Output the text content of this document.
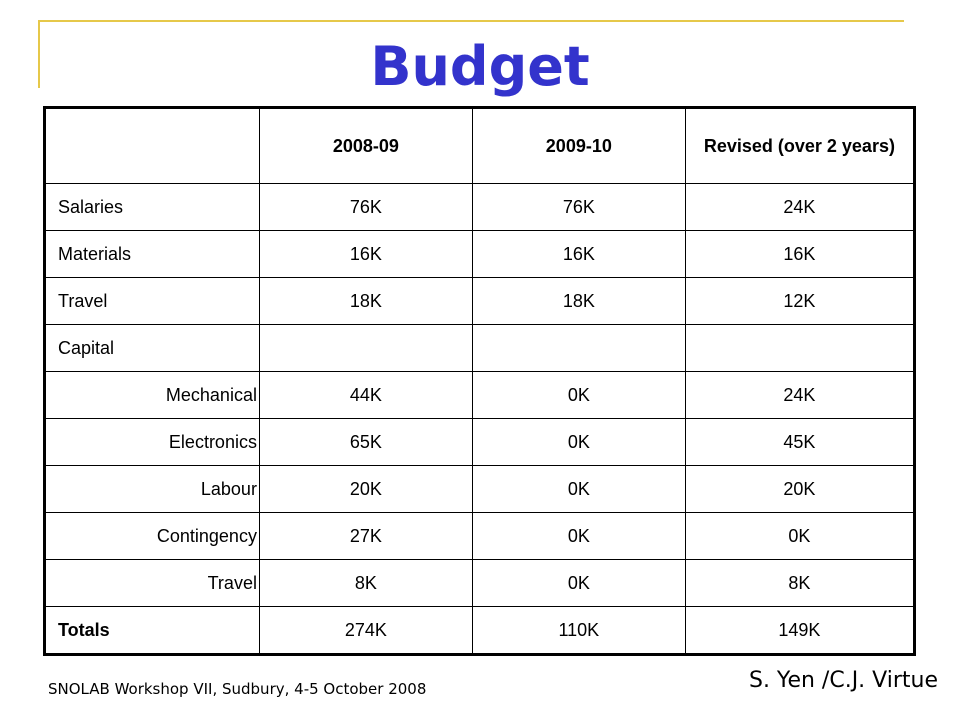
Budget
	2008-09	2009-10	Revised (over 2 years)
Salaries	76K	76K	24K
Materials	16K	16K	16K
Travel	18K	18K	12K
Capital			
Mechanical	44K	0K	24K
Electronics	65K	0K	45K
Labour	20K	0K	20K
Contingency	27K	0K	0K
Travel	8K	0K	8K
Totals	274K	110K	149K
SNOLAB Workshop VII, Sudbury, 4-5 October 2008	S. Yen /C.J. Virtue
